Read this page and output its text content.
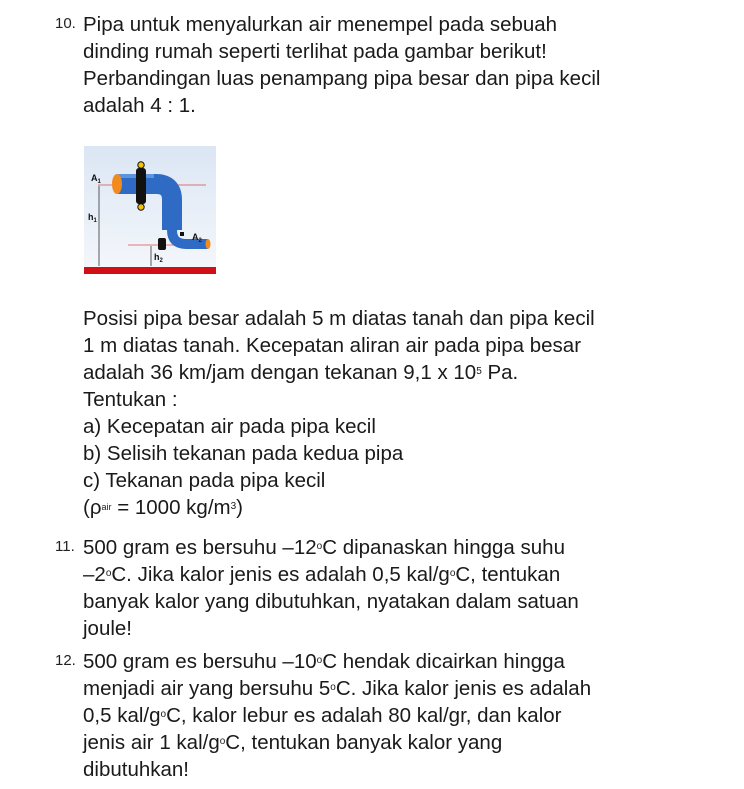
10. Pipa untuk menyalurkan air menempel pada sebuah
dinding rumah seperti terlihat pada gambar berikut!
Perbandingan luas penampang pipa besar dan pipa kecil
adalah 4 : 1.
$A_1$
$h_1$
$A_2$
$h_2$
Posisi pipa besar adalah 5 m diatas tanah dan pipa kecil
1 m diatas tanah. Kecepatan aliran air pada pipa besar
adalah 36 km/jam dengan tekanan 9,1 x $10^5$ Pa.
Tentukan :
a) Kecepatan air pada pipa kecil
b) Selisih tekanan pada kedua pipa
c) Tekanan pada pipa kecil
(ρair = 1000 $kg/m^3$)
11. 500 gram es bersuhu –12$^o$C dipanaskan hingga suhu
–2$^o$C. Jika kalor jenis es adalah 0,5 kal/$g^oC$, tentukan
banyak kalor yang dibutuhkan, nyatakan dalam satuan
joule!
12. 500 gram es bersuhu –10$^o$C hendak dicairkan hingga
menjadi air yang bersuhu 5$^o$C. Jika kalor jenis es adalah
0,5 kal/$g^oC$, kalor lebur es adalah 80 kal/gr, dan kalor
jenis air 1 kal/$g^oC$, tentukan banyak kalor yang
dibutuhkan!
